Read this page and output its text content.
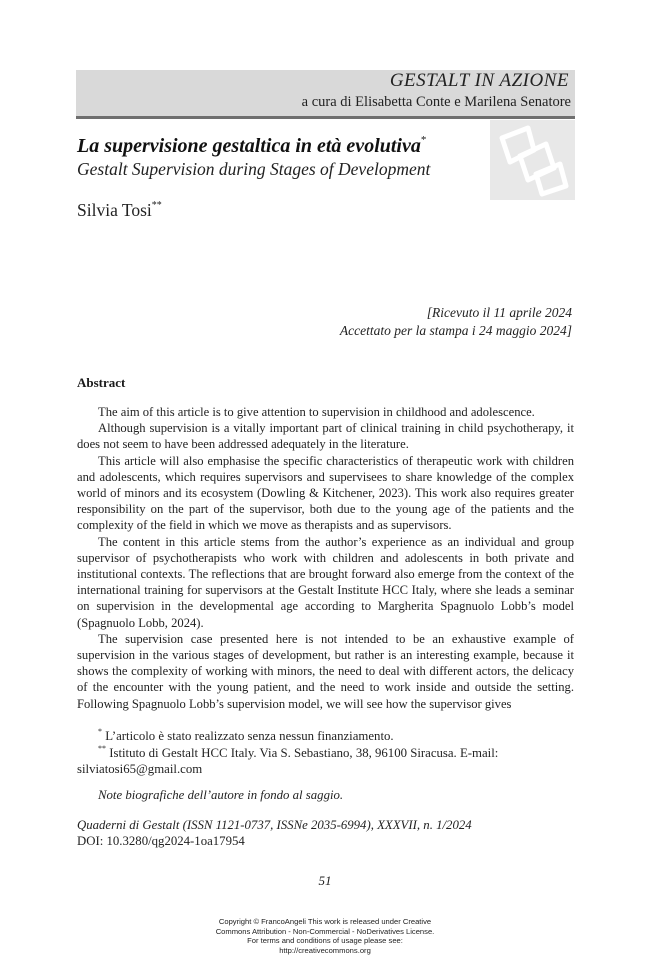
GESTALT IN AZIONE
a cura di Elisabetta Conte e Marilena Senatore
La supervisione gestaltica in età evolutiva*
Gestalt Supervision during Stages of Development
Silvia Tosi**
[Ricevuto il 11 aprile 2024
Accettato per la stampa i 24 maggio 2024]
Abstract

The aim of this article is to give attention to supervision in childhood and adolescence.

Although supervision is a vitally important part of clinical training in child psychotherapy, it does not seem to have been addressed adequately in the literature.

This article will also emphasise the specific characteristics of therapeutic work with children and adolescents, which requires supervisors and supervisees to share knowledge of the complex world of minors and its ecosystem (Dowling & Kitchener, 2023). This work also requires greater responsibility on the part of the supervisor, both due to the young age of the patients and the complexity of the field in which we move as therapists and as supervisors.

The content in this article stems from the author’s experience as an individual and group supervisor of psychotherapists who work with children and adolescents in both private and institutional contexts. The reflections that are brought forward also emerge from the context of the international training for supervisors at the Gestalt Institute HCC Italy, where she leads a seminar on supervision in the developmental age according to Margherita Spagnuolo Lobb’s model (Spagnuolo Lobb, 2024).

The supervision case presented here is not intended to be an exhaustive example of supervision in the various stages of development, but rather is an interesting example, because it shows the complexity of working with minors, the need to deal with different actors, the delicacy of the encounter with the young patient, and the need to work inside and outside the setting. Following Spagnuolo Lobb’s supervision model, we will see how the supervisor gives

* L’articolo è stato realizzato senza nessun finanziamento.
** Istituto di Gestalt HCC Italy. Via S. Sebastiano, 38, 96100 Siracusa. E-mail: silviatosi65@gmail.com
Note biografiche dell’autore in fondo al saggio.
Quaderni di Gestalt (ISSN 1121-0737, ISSNe 2035-6994), XXXVII, n. 1/2024
DOI: 10.3280/qg2024-1oa17954
51
Copyright © FrancoAngeli This work is released under Creative
Commons Attribution - Non-Commercial - NoDerivatives License.
For terms and conditions of usage please see:
http://creativecommons.org
